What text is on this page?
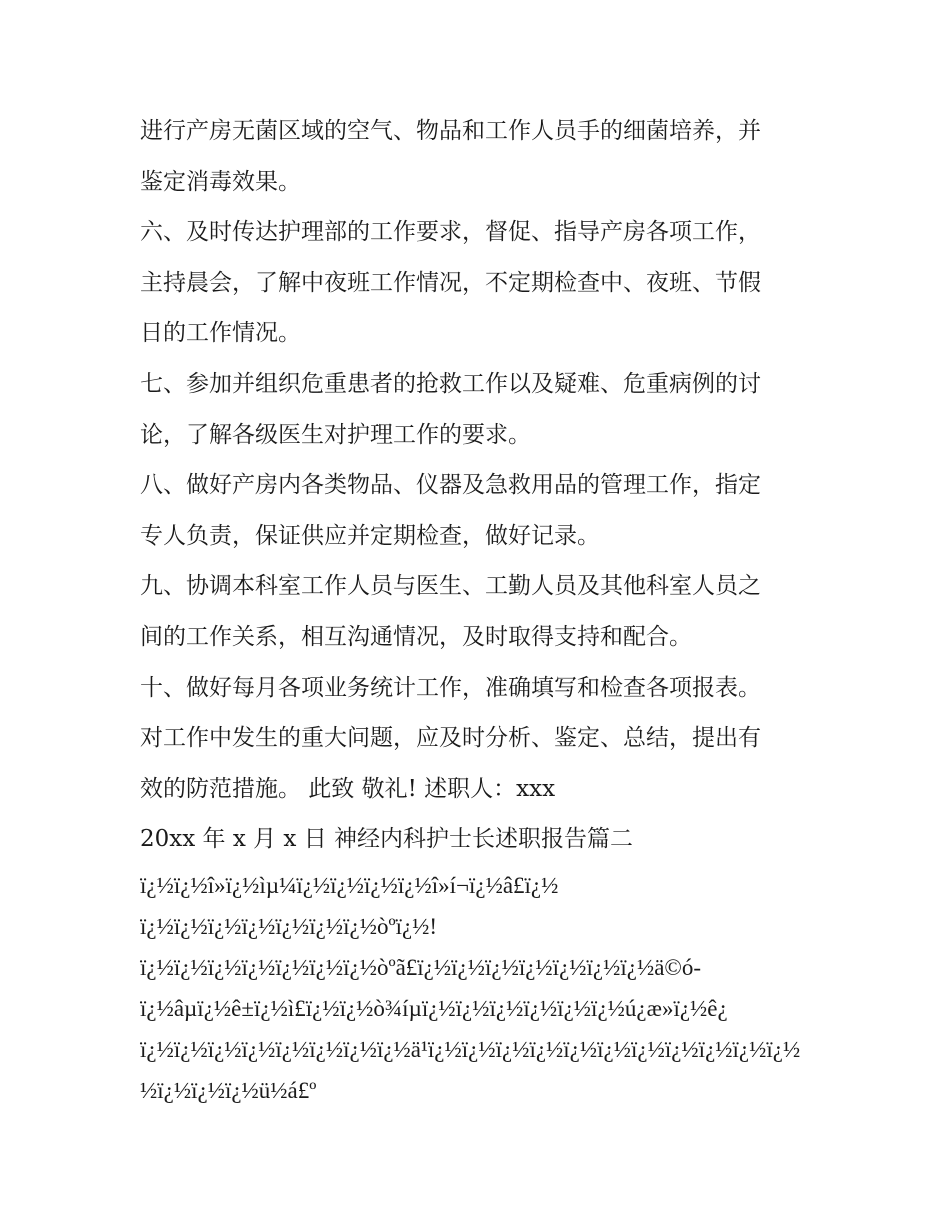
进行产房无菌区域的空气、物品和工作人员手的细菌培养，并
鉴定消毒效果。
六、及时传达护理部的工作要求，督促、指导产房各项工作，
主持晨会，了解中夜班工作情况，不定期检查中、夜班、节假
日的工作情况。
七、参加并组织危重患者的抢救工作以及疑难、危重病例的讨
论，了解各级医生对护理工作的要求。
八、做好产房内各类物品、仪器及急救用品的管理工作，指定
专人负责，保证供应并定期检查，做好记录。
九、协调本科室工作人员与医生、工勤人员及其他科室人员之
间的工作关系，相互沟通情况，及时取得支持和配合。
十、做好每月各项业务统计工作，准确填写和检查各项报表。
对工作中发生的重大问题，应及时分析、鉴定、总结，提出有
效的防范措施。 此致 敬礼! 述职人：xxx
20xx 年 x 月 x 日 神经内科护士长述职报告篇二
ï¿½ï¿½î»ï¿½ìµ¼ï¿½ï¿½ï¿½ï¿½î»í¬ï¿½â£ï¿½
ï¿½ï¿½ï¿½ï¿½ï¿½ï¿½ï¿½òºï¿½!
ï¿½ï¿½ï¿½ï¿½ï¿½ï¿½ï¿½òºã£ï¿½ï¿½ï¿½ï¿½ï¿½ï¿½ï¿½ä©ó-
ï¿½âµï¿½ê±ï¿½ì£ï¿½ï¿½ò¾íµï¿½ï¿½ï¿½ï¿½ï¿½ï¿½ú¿æ»ï¿½ê¿
ï¿½ï¿½ï¿½ï¿½ï¿½ï¿½ï¿½ï¿½ä¹ï¿½ï¿½ï¿½ï¿½ï¿½ï¿½ï¿½ï¿½ï¿½ï¿½ï¿½
½ï¿½ï¿½ï¿½ü½á£º
